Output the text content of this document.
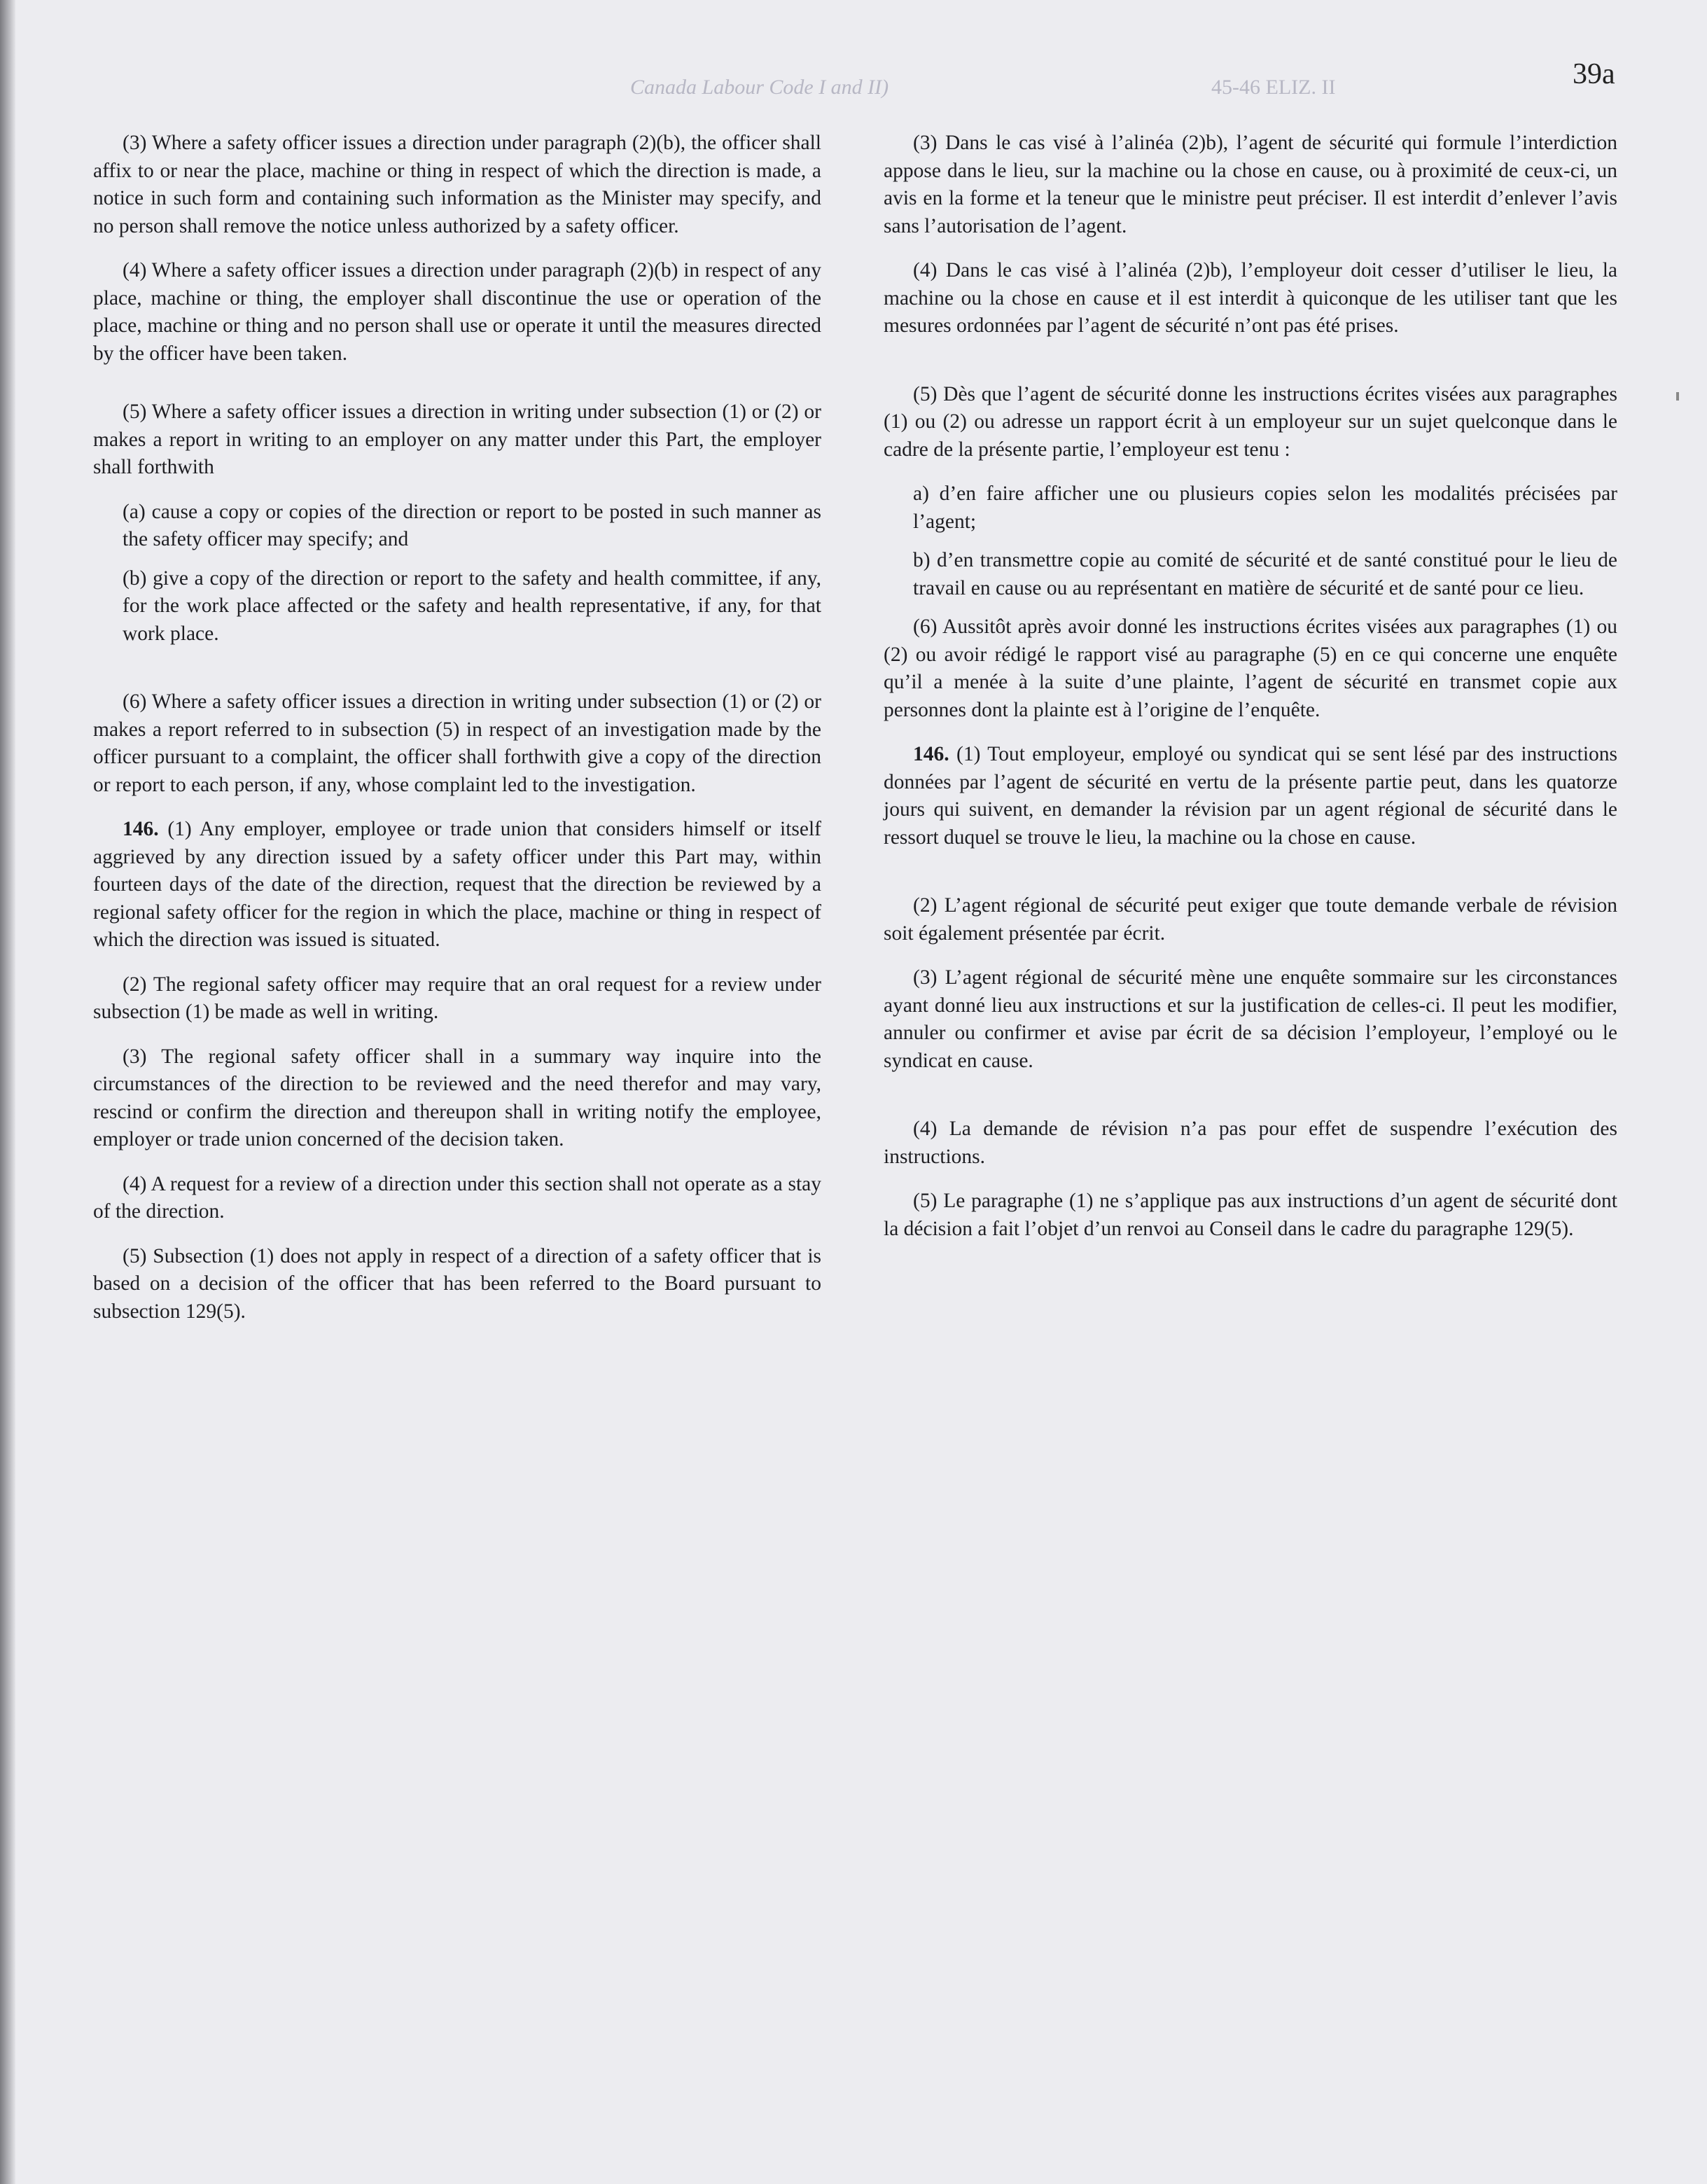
Canada Labour Code I and II)	45-46 ELIZ. II	39a

(3) Where a safety officer issues a direction under paragraph (2)(b), the officer shall affix to or near the place, machine or thing in respect of which the direction is made, a notice in such form and containing such information as the Minister may specify, and no person shall remove the notice unless authorized by a safety officer.

(4) Where a safety officer issues a direction under paragraph (2)(b) in respect of any place, machine or thing, the employer shall discontinue the use or operation of the place, machine or thing and no person shall use or operate it until the measures directed by the officer have been taken.

(5) Where a safety officer issues a direction in writing under subsection (1) or (2) or makes a report in writing to an employer on any matter under this Part, the employer shall forthwith

(a) cause a copy or copies of the direction or report to be posted in such manner as the safety officer may specify; and

(b) give a copy of the direction or report to the safety and health committee, if any, for the work place affected or the safety and health representative, if any, for that work place.

(6) Where a safety officer issues a direction in writing under subsection (1) or (2) or makes a report referred to in subsection (5) in respect of an investigation made by the officer pursuant to a complaint, the officer shall forthwith give a copy of the direction or report to each person, if any, whose complaint led to the investigation.

146. (1) Any employer, employee or trade union that considers himself or itself aggrieved by any direction issued by a safety officer under this Part may, within fourteen days of the date of the direction, request that the direction be reviewed by a regional safety officer for the region in which the place, machine or thing in respect of which the direction was issued is situated.

(2) The regional safety officer may require that an oral request for a review under subsection (1) be made as well in writing.

(3) The regional safety officer shall in a summary way inquire into the circumstances of the direction to be reviewed and the need therefor and may vary, rescind or confirm the direction and thereupon shall in writing notify the employee, employer or trade union concerned of the decision taken.

(4) A request for a review of a direction under this section shall not operate as a stay of the direction.

(5) Subsection (1) does not apply in respect of a direction of a safety officer that is based on a decision of the officer that has been referred to the Board pursuant to subsection 129(5).

(3) Dans le cas visé à l’alinéa (2)b), l’agent de sécurité qui formule l’interdiction appose dans le lieu, sur la machine ou la chose en cause, ou à proximité de ceux-ci, un avis en la forme et la teneur que le ministre peut préciser. Il est interdit d’enlever l’avis sans l’autorisation de l’agent.

(4) Dans le cas visé à l’alinéa (2)b), l’employeur doit cesser d’utiliser le lieu, la machine ou la chose en cause et il est interdit à quiconque de les utiliser tant que les mesures ordonnées par l’agent de sécurité n’ont pas été prises.

(5) Dès que l’agent de sécurité donne les instructions écrites visées aux paragraphes (1) ou (2) ou adresse un rapport écrit à un employeur sur un sujet quelconque dans le cadre de la présente partie, l’employeur est tenu :

a) d’en faire afficher une ou plusieurs copies selon les modalités précisées par l’agent;

b) d’en transmettre copie au comité de sécurité et de santé constitué pour le lieu de travail en cause ou au représentant en matière de sécurité et de santé pour ce lieu.

(6) Aussitôt après avoir donné les instructions écrites visées aux paragraphes (1) ou (2) ou avoir rédigé le rapport visé au paragraphe (5) en ce qui concerne une enquête qu’il a menée à la suite d’une plainte, l’agent de sécurité en transmet copie aux personnes dont la plainte est à l’origine de l’enquête.

146. (1) Tout employeur, employé ou syndicat qui se sent lésé par des instructions données par l’agent de sécurité en vertu de la présente partie peut, dans les quatorze jours qui suivent, en demander la révision par un agent régional de sécurité dans le ressort duquel se trouve le lieu, la machine ou la chose en cause.

(2) L’agent régional de sécurité peut exiger que toute demande verbale de révision soit également présentée par écrit.

(3) L’agent régional de sécurité mène une enquête sommaire sur les circonstances ayant donné lieu aux instructions et sur la justification de celles-ci. Il peut les modifier, annuler ou confirmer et avise par écrit de sa décision l’employeur, l’employé ou le syndicat en cause.

(4) La demande de révision n’a pas pour effet de suspendre l’exécution des instructions.

(5) Le paragraphe (1) ne s’applique pas aux instructions d’un agent de sécurité dont la décision a fait l’objet d’un renvoi au Conseil dans le cadre du paragraphe 129(5).
